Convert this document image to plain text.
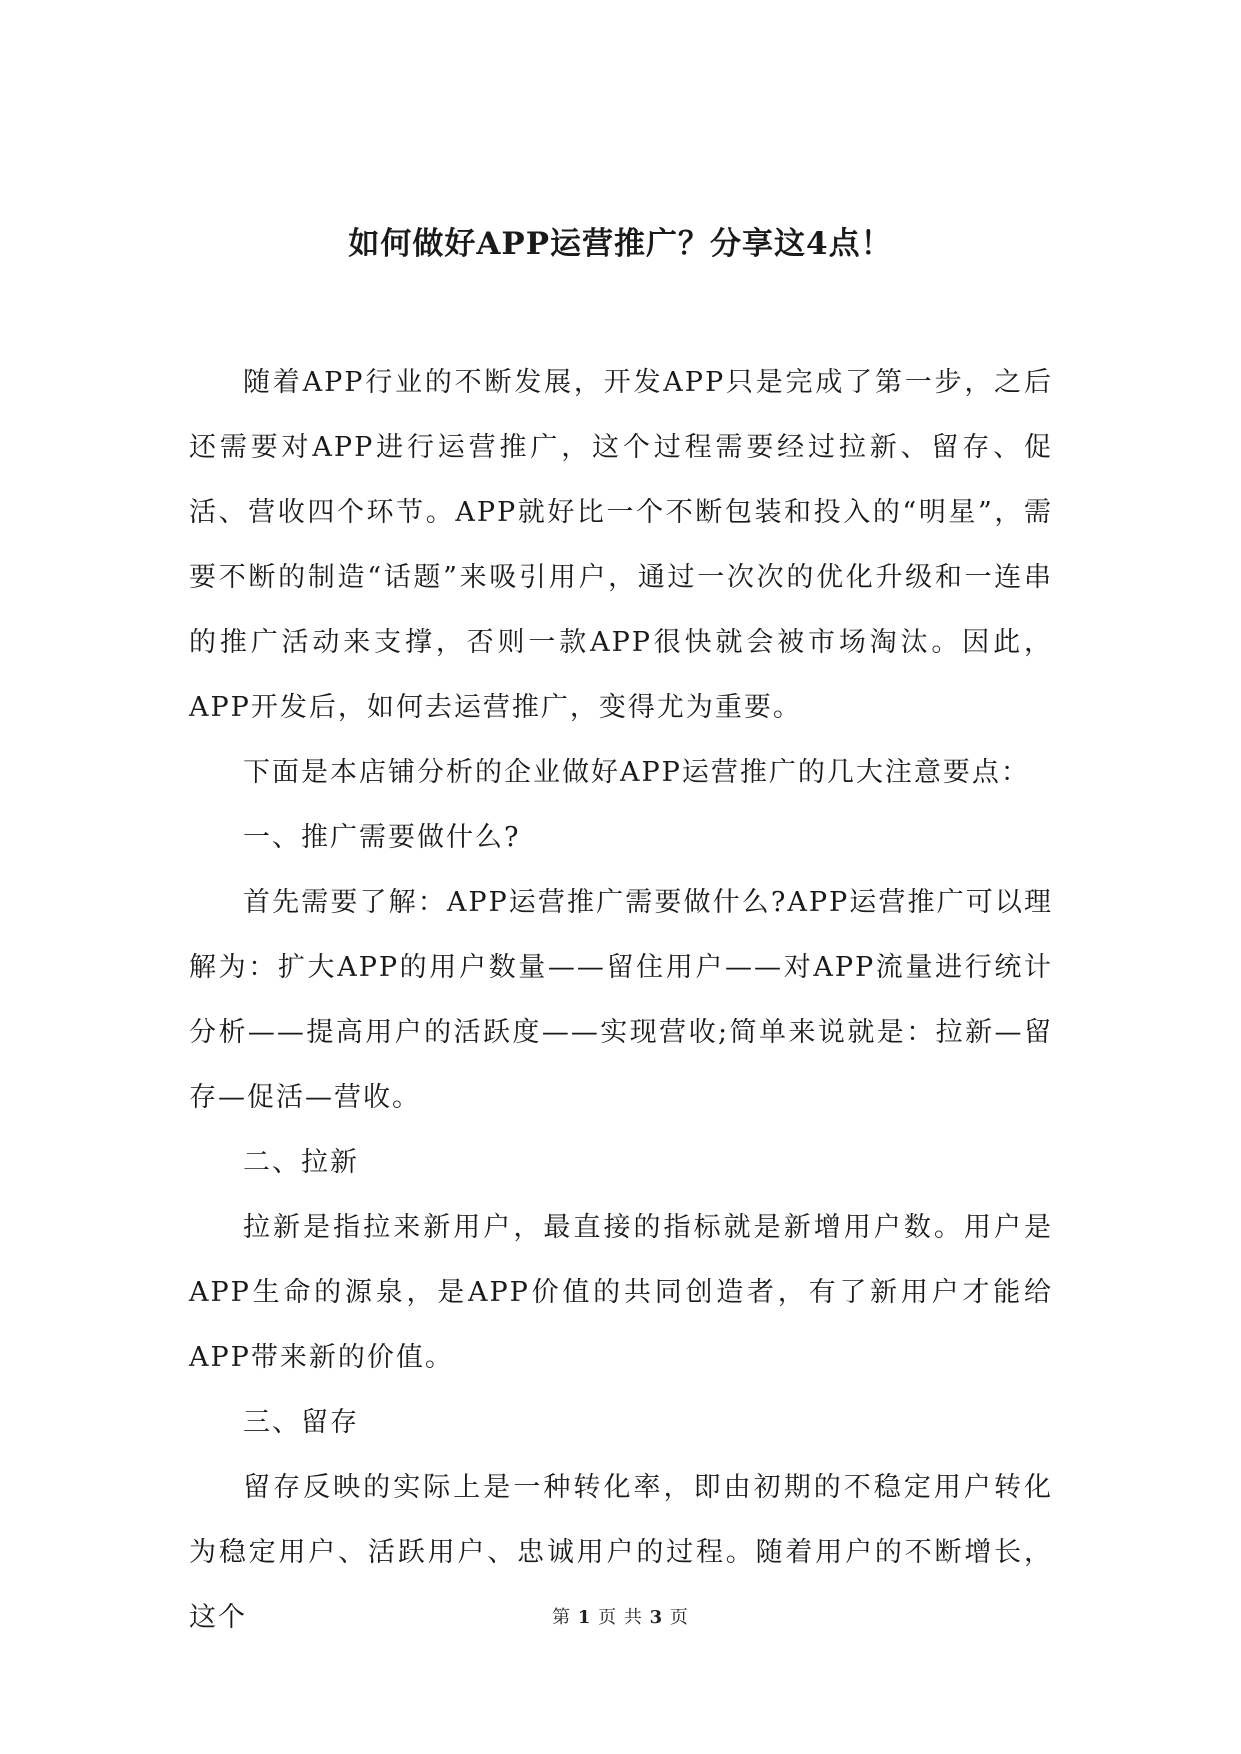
如何做好APP运营推广？分享这4点！

随着APP行业的不断发展，开发APP只是完成了第一步，之后还需要对APP进行运营推广，这个过程需要经过拉新、留存、促活、营收四个环节。APP就好比一个不断包装和投入的“明星”，需要不断的制造“话题”来吸引用户，通过一次次的优化升级和一连串的推广活动来支撑，否则一款APP很快就会被市场淘汰。因此，APP开发后，如何去运营推广，变得尤为重要。

下面是本店铺分析的企业做好APP运营推广的几大注意要点：

一、推广需要做什么?

首先需要了解：APP运营推广需要做什么?APP运营推广可以理解为：扩大APP的用户数量——留住用户——对APP流量进行统计分析——提高用户的活跃度——实现营收;简单来说就是：拉新—留存—促活—营收。

二、拉新

拉新是指拉来新用户，最直接的指标就是新增用户数。用户是APP生命的源泉，是APP价值的共同创造者，有了新用户才能给APP带来新的价值。

三、留存

留存反映的实际上是一种转化率，即由初期的不稳定用户转化为稳定用户、活跃用户、忠诚用户的过程。随着用户的不断增长，这个	第 1 页 共 3 页
